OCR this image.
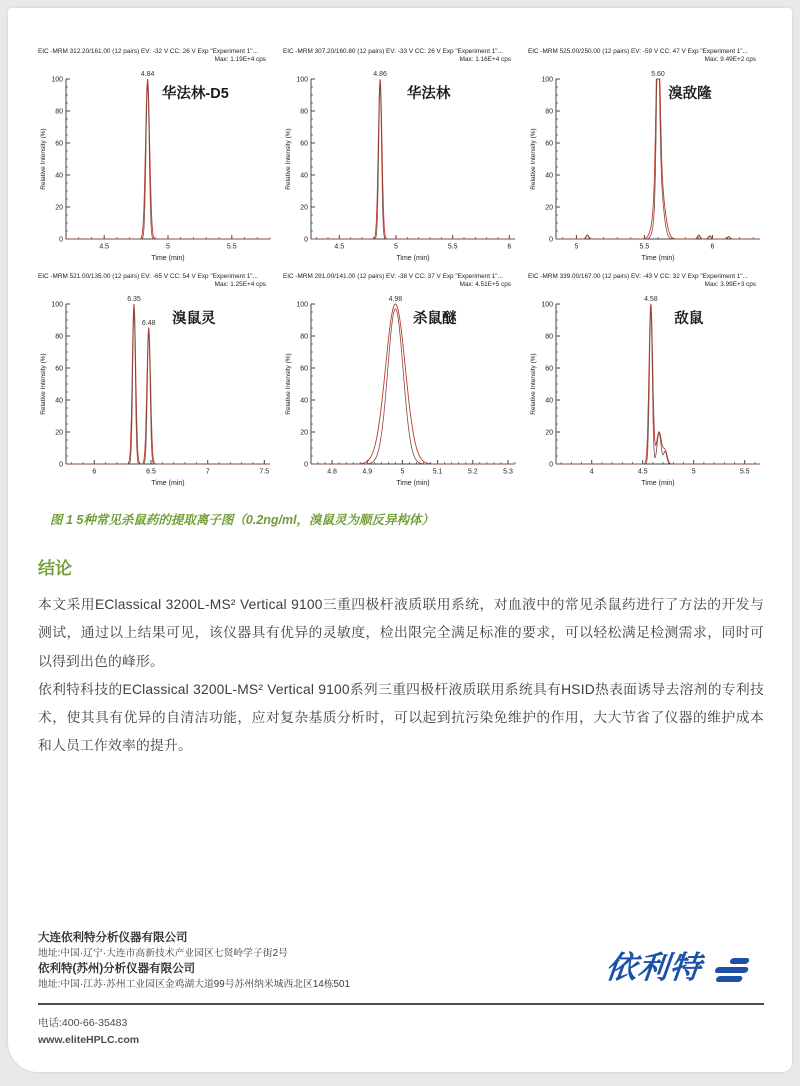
EIC -MRM 312.20/161.00 (12 pairs) EV: -32 V CC: 26 V Exp "Experiment 1"...
Max: 1.19E+4 cps
4.5	5	5.5
0
20
40
60
80
100
Time (min)
Relative Intensity (%)
4.84
华法林-D5
EIC -MRM 307.20/160.80 (12 pairs) EV: -33 V CC: 26 V Exp "Experiment 1"...
Max: 1.16E+4 cps
4.5	5	5.5	6
0
20
40
60
80
100
Time (min)
Relative Intensity (%)
4.86
华法林
EIC -MRM 525.00/250.00 (12 pairs) EV: -59 V CC: 47 V Exp "Experiment 1"...
Max: 9.49E+2 cps
5	5.5	6
0
20
40
60
80
100
Time (min)
Relative Intensity (%)
5.60
溴敌隆
EIC -MRM 521.00/135.00 (12 pairs) EV: -65 V CC: 54 V Exp "Experiment 1"...
Max: 1.25E+4 cps
6	6.5	7	7.5
0
20
40
60
80
100
Time (min)
Relative Intensity (%)
6.35
6.48 溴鼠灵
EIC -MRM 291.00/141.00 (12 pairs) EV: -38 V CC: 37 V Exp "Experiment 1"...
Max: 4.51E+5 cps
4.8	4.9	5	5.1	5.2	5.3
0
20
40
60
80
100
Time (min)
Relative Intensity (%)
4.98
杀鼠醚
EIC -MRM 339.00/167.00 (12 pairs) EV: -43 V CC: 32 V Exp "Experiment 1"...
Max: 3.99E+3 cps
4	4.5	5	5.5
0
20
40
60
80
100
Time (min)
Relative Intensity (%)
4.58
敌鼠
图 1 5种常见杀鼠药的提取离子图（0.2ng/ml，溴鼠灵为顺反异构体）
结论

本文采用EClassical 3200L-MS² Vertical 9100三重四极杆液质联用系统，对血液中的常见杀鼠药进行了方法的开发与测试，通过以上结果可见，该仪器具有优异的灵敏度，检出限完全满足标准的要求，可以轻松满足检测需求，同时可以得到出色的峰形。

依利特科技的EClassical 3200L-MS² Vertical 9100系列三重四极杆液质联用系统具有HSID热表面诱导去溶剂的专利技术，使其具有优异的自清洁功能，应对复杂基质分析时，可以起到抗污染免维护的作用，大大节省了仪器的维护成本和人员工作效率的提升。

大连依利特分析仪器有限公司
地址:中国·辽宁·大连市高新技术产业园区七贤岭学子街2号
依利特(苏州)分析仪器有限公司
地址:中国·江苏·苏州工业园区金鸡湖大道99号苏州纳米城西北区14栋501	依利特
电话:400-66-35483
www.eliteHPLC.com
